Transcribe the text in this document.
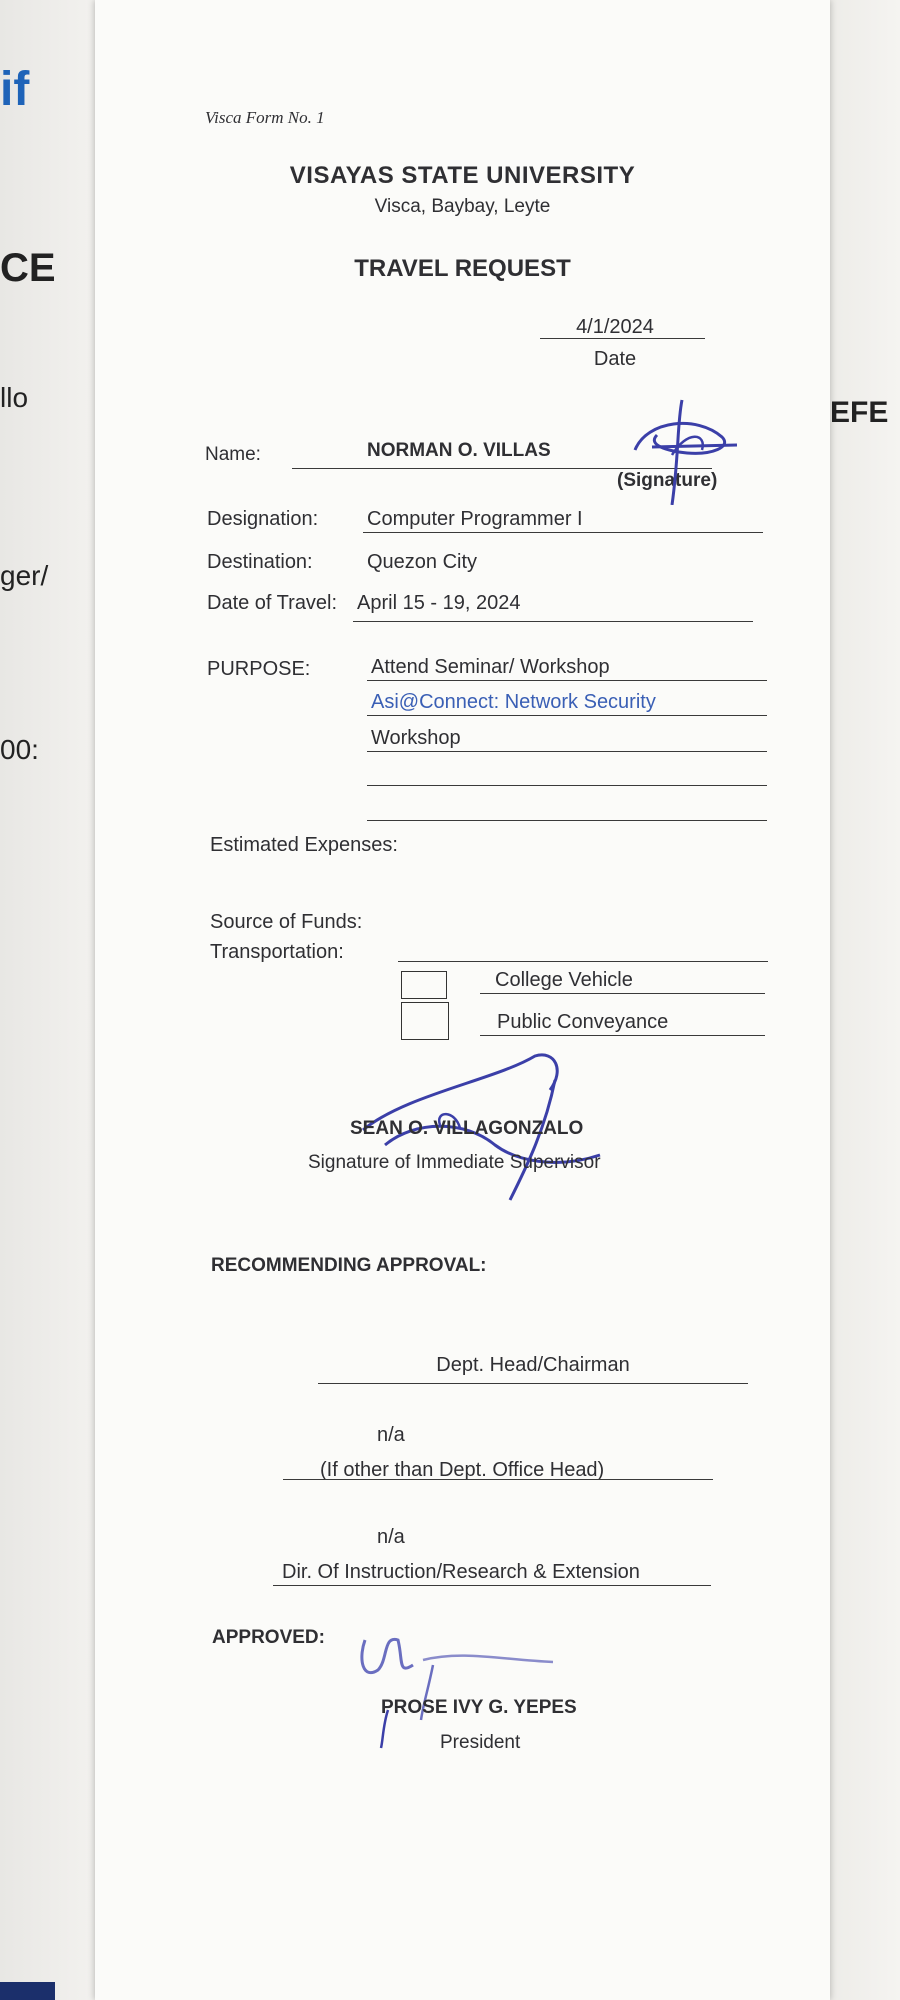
if
CE
llo
ger/
00:
EFE
Visca Form No. 1
VISAYAS STATE UNIVERSITY
Visca, Baybay, Leyte
TRAVEL REQUEST
4/1/2024
Date
Name:	NORMAN O. VILLAS
(Signature)
Designation: Computer Programmer I
Destination:	Quezon City
Date of Travel: April 15 - 19, 2024
PURPOSE:	Attend Seminar/ Workshop
Asi@Connect: Network Security
Workshop
Estimated Expenses:
Source of Funds:
Transportation:
College Vehicle
Public Conveyance
SEAN O. VILLAGONZALO
Signature of Immediate Supervisor
RECOMMENDING APPROVAL:
Dept. Head/Chairman
n/a
(If other than Dept. Office Head)
n/a
Dir. Of Instruction/Research & Extension
APPROVED:
PROSE IVY G. YEPES
President
